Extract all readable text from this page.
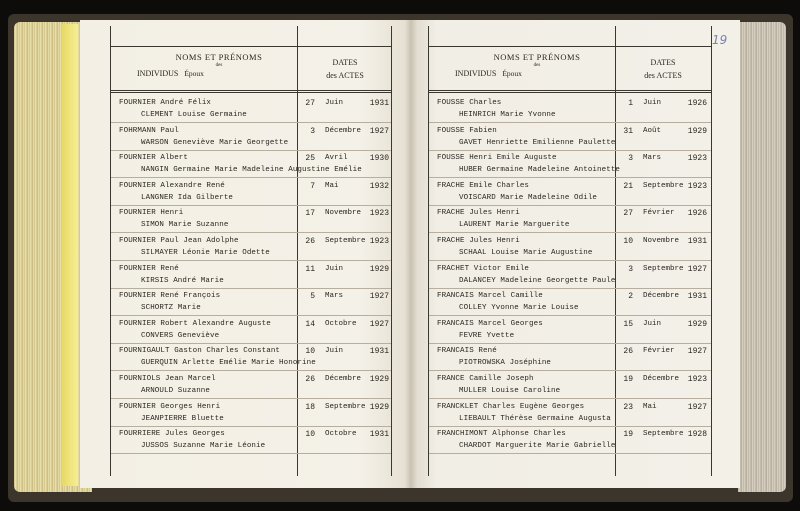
19
NOMS ET PRÉNOMS
des
INDIVIDUS Époux
DATES
des ACTES
FOURNIER André Félix
CLEMENT Louise Germaine
27 Juin	1931
FOHRMANN Paul
WARSON Geneviève Marie Georgette
3 Décembre	1927
FOURNIER Albert
NANGIN Germaine Marie Madeleine Augustine Emélie
25 Avril	1930
FOURNIER Alexandre René
LANGNER Ida Gilberte
7 Mai	1932
FOURNIER Henri
SIMON Marie Suzanne
17 Novembre	1923
FOURNIER Paul Jean Adolphe
SILMAYER Léonie Marie Odette
26 Septembre 1923
FOURNIER René
KIRSIS André Marie
11 Juin	1929
FOURNIER René François
SCHORTZ Marie
5 Mars	1927
FOURNIER Robert Alexandre Auguste
CONVERS Geneviève
14 Octobre	1927
FOURNIGAULT Gaston Charles Constant
GUERQUIN Arlette Emélie Marie Honorine
10 Juin	1931
FOURNIOLS Jean Marcel
ARNOULD Suzanne
26 Décembre	1929
FOURNIER Georges Henri
JEANPIERRE Bluette
18 Septembre 1929
FOURRIERE Jules Georges
JUSSOS Suzanne Marie Léonie
10 Octobre	1931
NOMS ET PRÉNOMS
des
INDIVIDUS Époux
DATES
des ACTES
FOUSSE Charles
HEINRICH Marie Yvonne
1 Juin	1926
FOUSSE Fabien
GAVET Henriette Emilienne Paulette
31 Août	1929
FOUSSE Henri Emile Auguste
HUBER Germaine Madeleine Antoinette
3 Mars	1923
FRACHE Emile Charles
VOISCARD Marie Madeleine Odile
21 Septembre 1923
FRACHE Jules Henri
LAURENT Marie Marguerite
27 Février	1926
FRACHE Jules Henri
SCHAAL Louise Marie Augustine
10 Novembre	1931
FRACHET Victor Emile
DALANCEY Madeleine Georgette Paule
3 Septembre 1927
FRANCAIS Marcel Camille
COLLEY Yvonne Marie Louise
2 Décembre	1931
FRANCAIS Marcel Georges
FEVRE Yvette
15 Juin	1929
FRANCAIS René
PIOTROWSKA Joséphine
26 Février	1927
FRANCE Camille Joseph
MULLER Louise Caroline
19 Décembre	1923
FRANCKLET Charles Eugène Georges
LIEBAULT Thérèse Germaine Augusta
23 Mai	1927
FRANCHIMONT Alphonse Charles
CHARDOT Marguerite Marie Gabrielle
19 Septembre 1928
